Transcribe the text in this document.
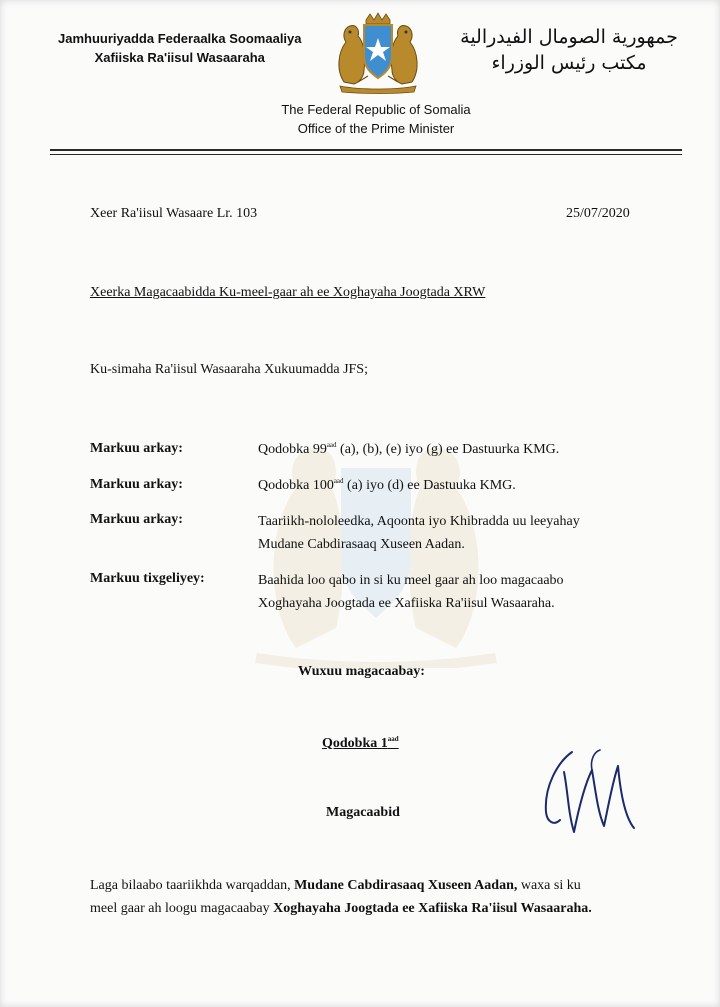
Jamhuuriyadda Federaalka Soomaaliya
Xafiiska Ra'iisul Wasaaraha
جمهورية الصومال الفيدرالية
مكتب رئيس الوزراء
The Federal Republic of Somalia
Office of the Prime Minister
Xeer Ra'iisul Wasaare Lr. 103	25/07/2020
Xeerka Magacaabidda Ku-meel-gaar ah ee Xoghayaha Joogtada XRW
Ku-simaha Ra'iisul Wasaaraha Xukuumadda JFS;
Markuu arkay:	Qodobka $99^{aad}$ (a), (b), (e) iyo (g) ee Dastuurka KMG.
Markuu arkay:	Qodobka $100^{aad}$ (a) iyo (d) ee Dastuuka KMG.
Markuu arkay:	Taariikh-nololeedka, Aqoonta iyo Khibradda uu leeyahay
Mudane Cabdirasaaq Xuseen Aadan.
Markuu tixgeliyey:	Baahida loo qabo in si ku meel gaar ah loo magacaabo
Xoghayaha Joogtada ee Xafiiska Ra'iisul Wasaaraha.
Wuxuu magacaabay:
Qodobka $1^{aad}$
Magacaabid
Laga bilaabo taariikhda warqaddan, Mudane Cabdirasaaq Xuseen Aadan, waxa si ku
meel gaar ah loogu magacaabay Xoghayaha Joogtada ee Xafiiska Ra'iisul Wasaaraha.
